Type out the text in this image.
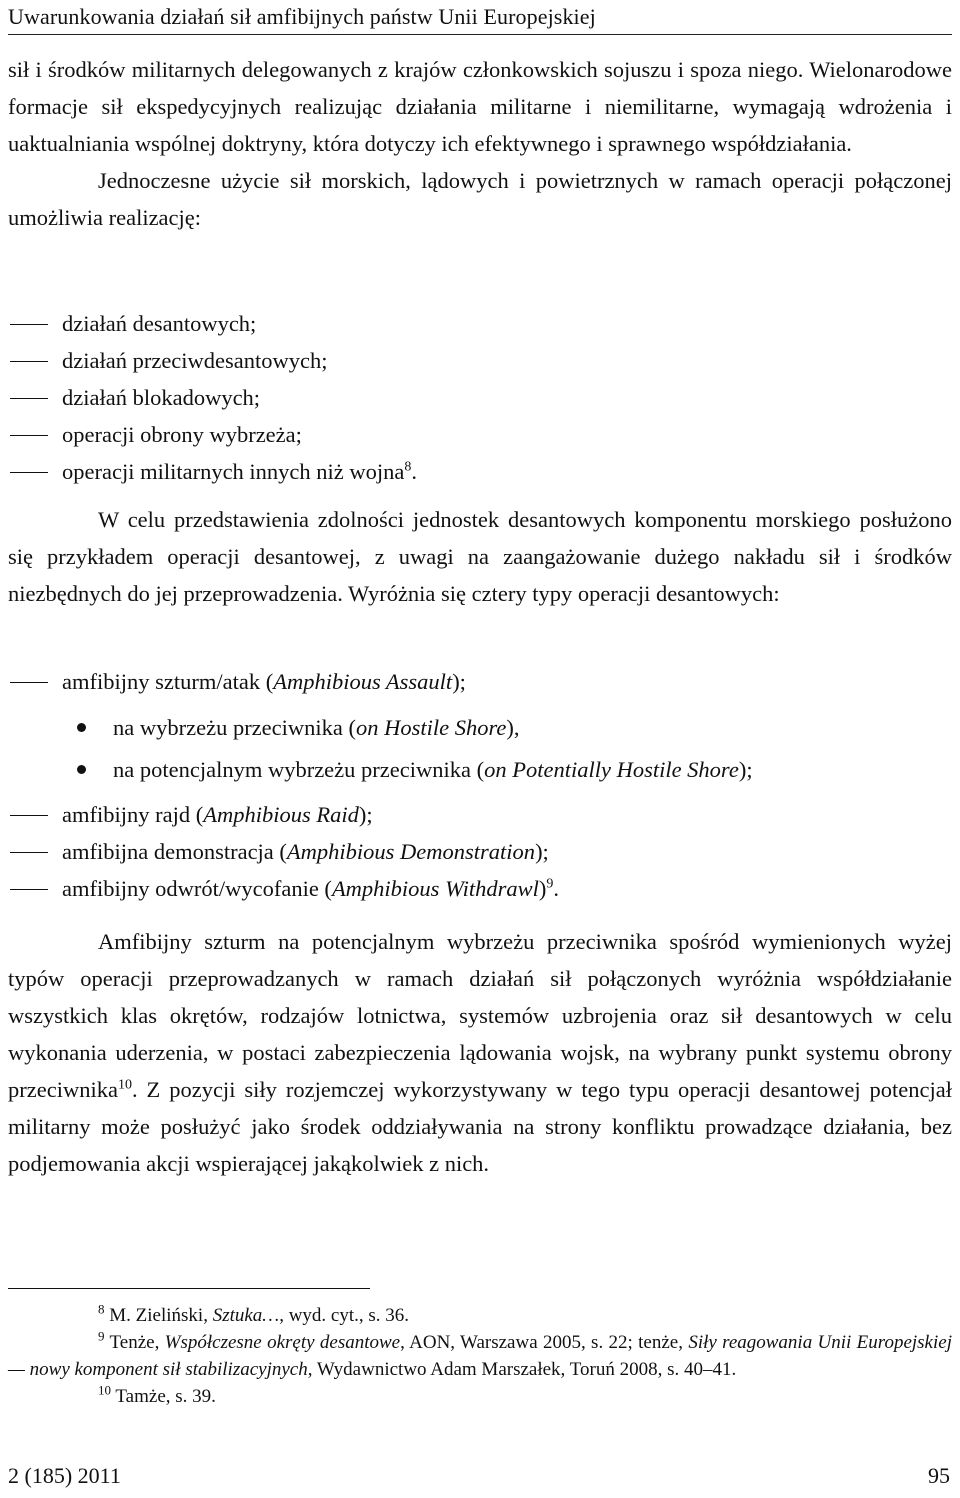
Uwarunkowania działań sił amfibijnych państw Unii Europejskiej

sił i środków militarnych delegowanych z krajów członkowskich sojuszu i spoza niego. Wielonarodowe formacje sił ekspedycyjnych realizując działania militarne i niemilitarne, wymagają wdrożenia i uaktualniania wspólnej doktryny, która dotyczy ich efektywnego i sprawnego współdziałania.

Jednoczesne użycie sił morskich, lądowych i powietrznych w ramach operacji połączonej umożliwia realizację:

działań desantowych;
działań przeciwdesantowych;
działań blokadowych;
operacji obrony wybrzeża;
operacji militarnych innych niż wojna$^8$.

W celu przedstawienia zdolności jednostek desantowych komponentu morskiego posłużono się przykładem operacji desantowej, z uwagi na zaangażowanie dużego nakładu sił i środków niezbędnych do jej przeprowadzenia. Wyróżnia się cztery typy operacji desantowych:

amfibijny szturm/atak (Amphibious Assault);
na wybrzeżu przeciwnika (on Hostile Shore),
na potencjalnym wybrzeżu przeciwnika (on Potentially Hostile Shore);
amfibijny rajd (Amphibious Raid);
amfibijna demonstracja (Amphibious Demonstration);
amfibijny odwrót/wycofanie (Amphibious Withdrawl)$^9$.

Amfibijny szturm na potencjalnym wybrzeżu przeciwnika spośród wymienionych wyżej typów operacji przeprowadzanych w ramach działań sił połączonych wyróżnia współdziałanie wszystkich klas okrętów, rodzajów lotnictwa, systemów uzbrojenia oraz sił desantowych w celu wykonania uderzenia, w postaci zabezpieczenia lądowania wojsk, na wybrany punkt systemu obrony przeciwnika$^{10}$. Z pozycji siły rozjemczej wykorzystywany w tego typu operacji desantowej potencjał militarny może posłużyć jako środek oddziaływania na strony konfliktu prowadzące działania, bez podjemowania akcji wspierającej jakąkolwiek z nich.

$^8$ M. Zieliński, Sztuka…, wyd. cyt., s. 36.

$^9$ Tenże, Współczesne okręty desantowe, AON, Warszawa 2005, s. 22; tenże, Siły reagowania Unii Europejskiej — nowy komponent sił stabilizacyjnych, Wydawnictwo Adam Marszałek, Toruń 2008, s. 40–41.

$^{10}$ Tamże, s. 39.

2 (185) 2011	95
